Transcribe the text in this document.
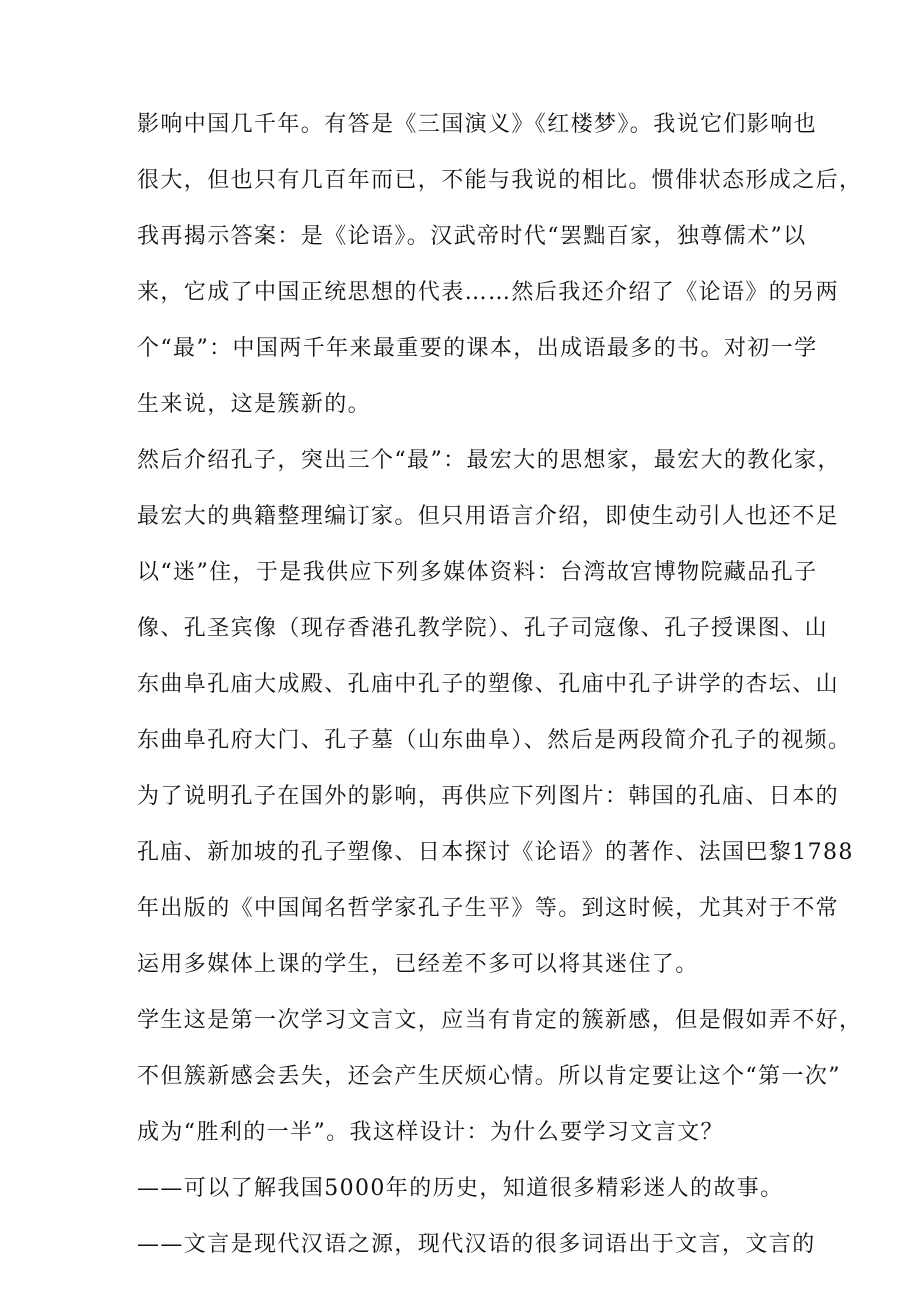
影响中国几千年。有答是《三国演义》《红楼梦》。我说它们影响也
很大，但也只有几百年而已，不能与我说的相比。惯俳状态形成之后，
我再揭示答案：是《论语》。汉武帝时代“罢黜百家，独尊儒术”以
来，它成了中国正统思想的代表……然后我还介绍了《论语》的另两
个“最”：中国两千年来最重要的课本，出成语最多的书。对初一学
生来说，这是簇新的。
然后介绍孔子，突出三个“最”：最宏大的思想家，最宏大的教化家，
最宏大的典籍整理编订家。但只用语言介绍，即使生动引人也还不足
以“迷”住，于是我供应下列多媒体资料：台湾故宫博物院藏品孔子
像、孔圣宾像（现存香港孔教学院）、孔子司寇像、孔子授课图、山
东曲阜孔庙大成殿、孔庙中孔子的塑像、孔庙中孔子讲学的杏坛、山
东曲阜孔府大门、孔子墓（山东曲阜）、然后是两段简介孔子的视频。
为了说明孔子在国外的影响，再供应下列图片：韩国的孔庙、日本的
孔庙、新加坡的孔子塑像、日本探讨《论语》的著作、法国巴黎1788
年出版的《中国闻名哲学家孔子生平》等。到这时候，尤其对于不常
运用多媒体上课的学生，已经差不多可以将其迷住了。
学生这是第一次学习文言文，应当有肯定的簇新感，但是假如弄不好，
不但簇新感会丢失，还会产生厌烦心情。所以肯定要让这个“第一次”
成为“胜利的一半”。我这样设计：为什么要学习文言文？
——可以了解我国5000年的历史，知道很多精彩迷人的故事。
——文言是现代汉语之源，现代汉语的很多词语出于文言，文言的
